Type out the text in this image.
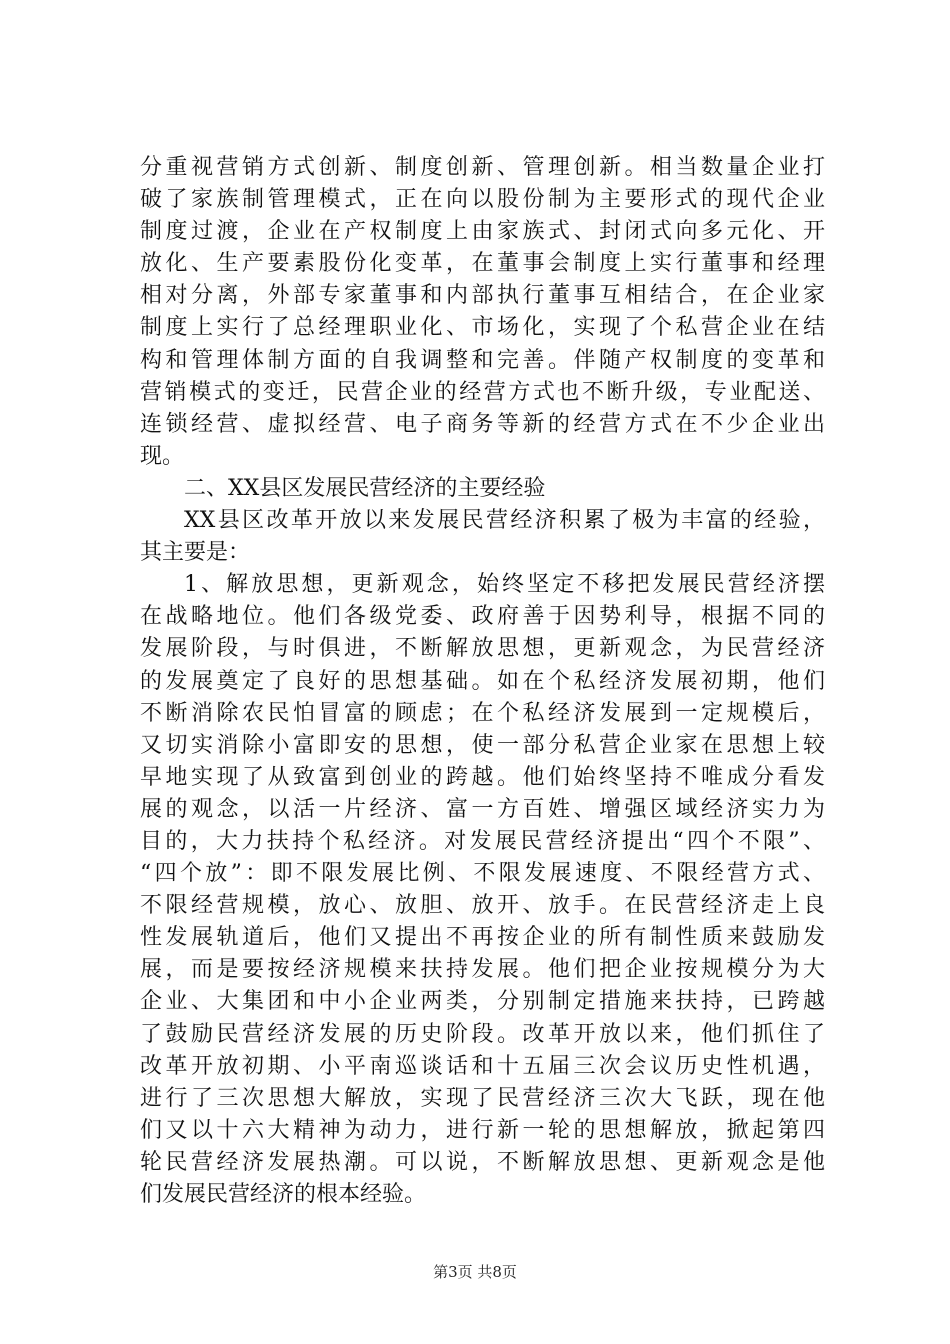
分重视营销方式创新、制度创新、管理创新。相当数量企业打
破了家族制管理模式，正在向以股份制为主要形式的现代企业
制度过渡，企业在产权制度上由家族式、封闭式向多元化、开
放化、生产要素股份化变革，在董事会制度上实行董事和经理
相对分离，外部专家董事和内部执行董事互相结合，在企业家
制度上实行了总经理职业化、市场化，实现了个私营企业在结
构和管理体制方面的自我调整和完善。伴随产权制度的变革和
营销模式的变迁，民营企业的经营方式也不断升级，专业配送、
连锁经营、虚拟经营、电子商务等新的经营方式在不少企业出
现。
二、XX县区发展民营经济的主要经验
XX县区改革开放以来发展民营经济积累了极为丰富的经验，
其主要是：
1、解放思想，更新观念，始终坚定不移把发展民营经济摆
在战略地位。他们各级党委、政府善于因势利导，根据不同的
发展阶段，与时俱进，不断解放思想，更新观念，为民营经济
的发展奠定了良好的思想基础。如在个私经济发展初期，他们
不断消除农民怕冒富的顾虑；在个私经济发展到一定规模后，
又切实消除小富即安的思想，使一部分私营企业家在思想上较
早地实现了从致富到创业的跨越。他们始终坚持不唯成分看发
展的观念，以活一片经济、富一方百姓、增强区域经济实力为
目的，大力扶持个私经济。对发展民营经济提出“四个不限”、
“四个放”：即不限发展比例、不限发展速度、不限经营方式、
不限经营规模，放心、放胆、放开、放手。在民营经济走上良
性发展轨道后，他们又提出不再按企业的所有制性质来鼓励发
展，而是要按经济规模来扶持发展。他们把企业按规模分为大
企业、大集团和中小企业两类，分别制定措施来扶持，已跨越
了鼓励民营经济发展的历史阶段。改革开放以来，他们抓住了
改革开放初期、小平南巡谈话和十五届三次会议历史性机遇，
进行了三次思想大解放，实现了民营经济三次大飞跃，现在他
们又以十六大精神为动力，进行新一轮的思想解放，掀起第四
轮民营经济发展热潮。可以说，不断解放思想、更新观念是他
们发展民营经济的根本经验。
第3页 共8页
